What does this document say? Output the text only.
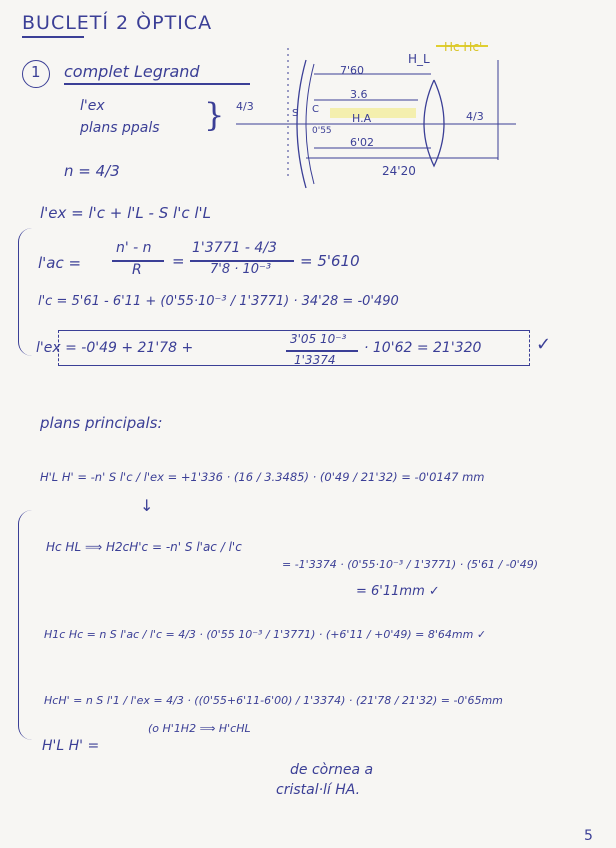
BUCLETÍ 2 ÒPTICA
1 complet Legrand
l'ex
plans ppals }
n = 4/3
H_L
Hc Hc'
7'60
3.6
H.A
6'02
0'55
24'20
S C
4/3
4/3
l'ex = l'c + l'L - S l'c l'L
l'ac =
n' - n
R =
1'3771 - 4/3
7'8 · 10⁻³ = 5'610
l'c = 5'61 - 6'11 + (0'55·10⁻³ / 1'3771) · 34'28 = -0'490
l'ex = -0'49 + 21'78 +
3'05 10⁻³
1'3374
· 10'62 = 21'320	✓
plans principals:
H'L H' = -n' S l'c / l'ex = +1'336 · (16 / 3.3485) · (0'49 / 21'32) = -0'0147 mm
↓
Hc HL ⟹ H2cH'c = -n' S l'ac / l'c
= -1'3374 · (0'55·10⁻³ / 1'3771) · (5'61 / -0'49)
= 6'11mm ✓
H1c Hc = n S l'ac / l'c = 4/3 · (0'55 10⁻³ / 1'3771) · (+6'11 / +0'49) = 8'64mm ✓
HcH' = n S l'1 / l'ex = 4/3 · ((0'55+6'11-6'00) / 1'3374) · (21'78 / 21'32) = -0'65mm
(o H'1H2 ⟹ H'cHL
H'L H' =
de còrnea a
cristal·lí HA.
5
